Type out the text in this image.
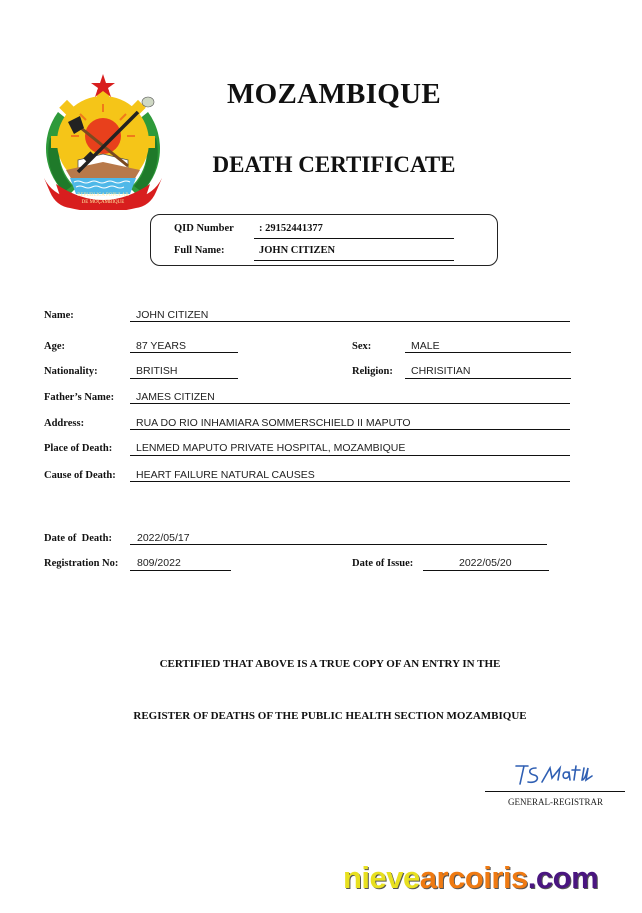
REPUBLICA POPULAR
DE MOÇAMBIQUE
MOZAMBIQUE
DEATH CERTIFICATE
QID Number	: 29152441377
Full Name:	JOHN CITIZEN
Name:	JOHN CITIZEN
Age:	87 YEARS	Sex:	MALE
Nationality:	BRITISH	Religion: CHRISITIAN
Father’s Name: JAMES CITIZEN
Address:	RUA DO RIO INHAMIARA SOMMERSCHIELD II MAPUTO
Place of Death: LENMED MAPUTO PRIVATE HOSPITAL, MOZAMBIQUE
Cause of Death: HEART FAILURE NATURAL CAUSES
Date of  Death: 2022/05/17
Registration No: 809/2022	Date of Issue:	2022/05/20
CERTIFIED THAT ABOVE IS A TRUE COPY OF AN ENTRY IN THE
REGISTER OF DEATHS OF THE PUBLIC HEALTH SECTION MOZAMBIQUE
GENERAL-REGISTRAR
nievearcoiris.com
